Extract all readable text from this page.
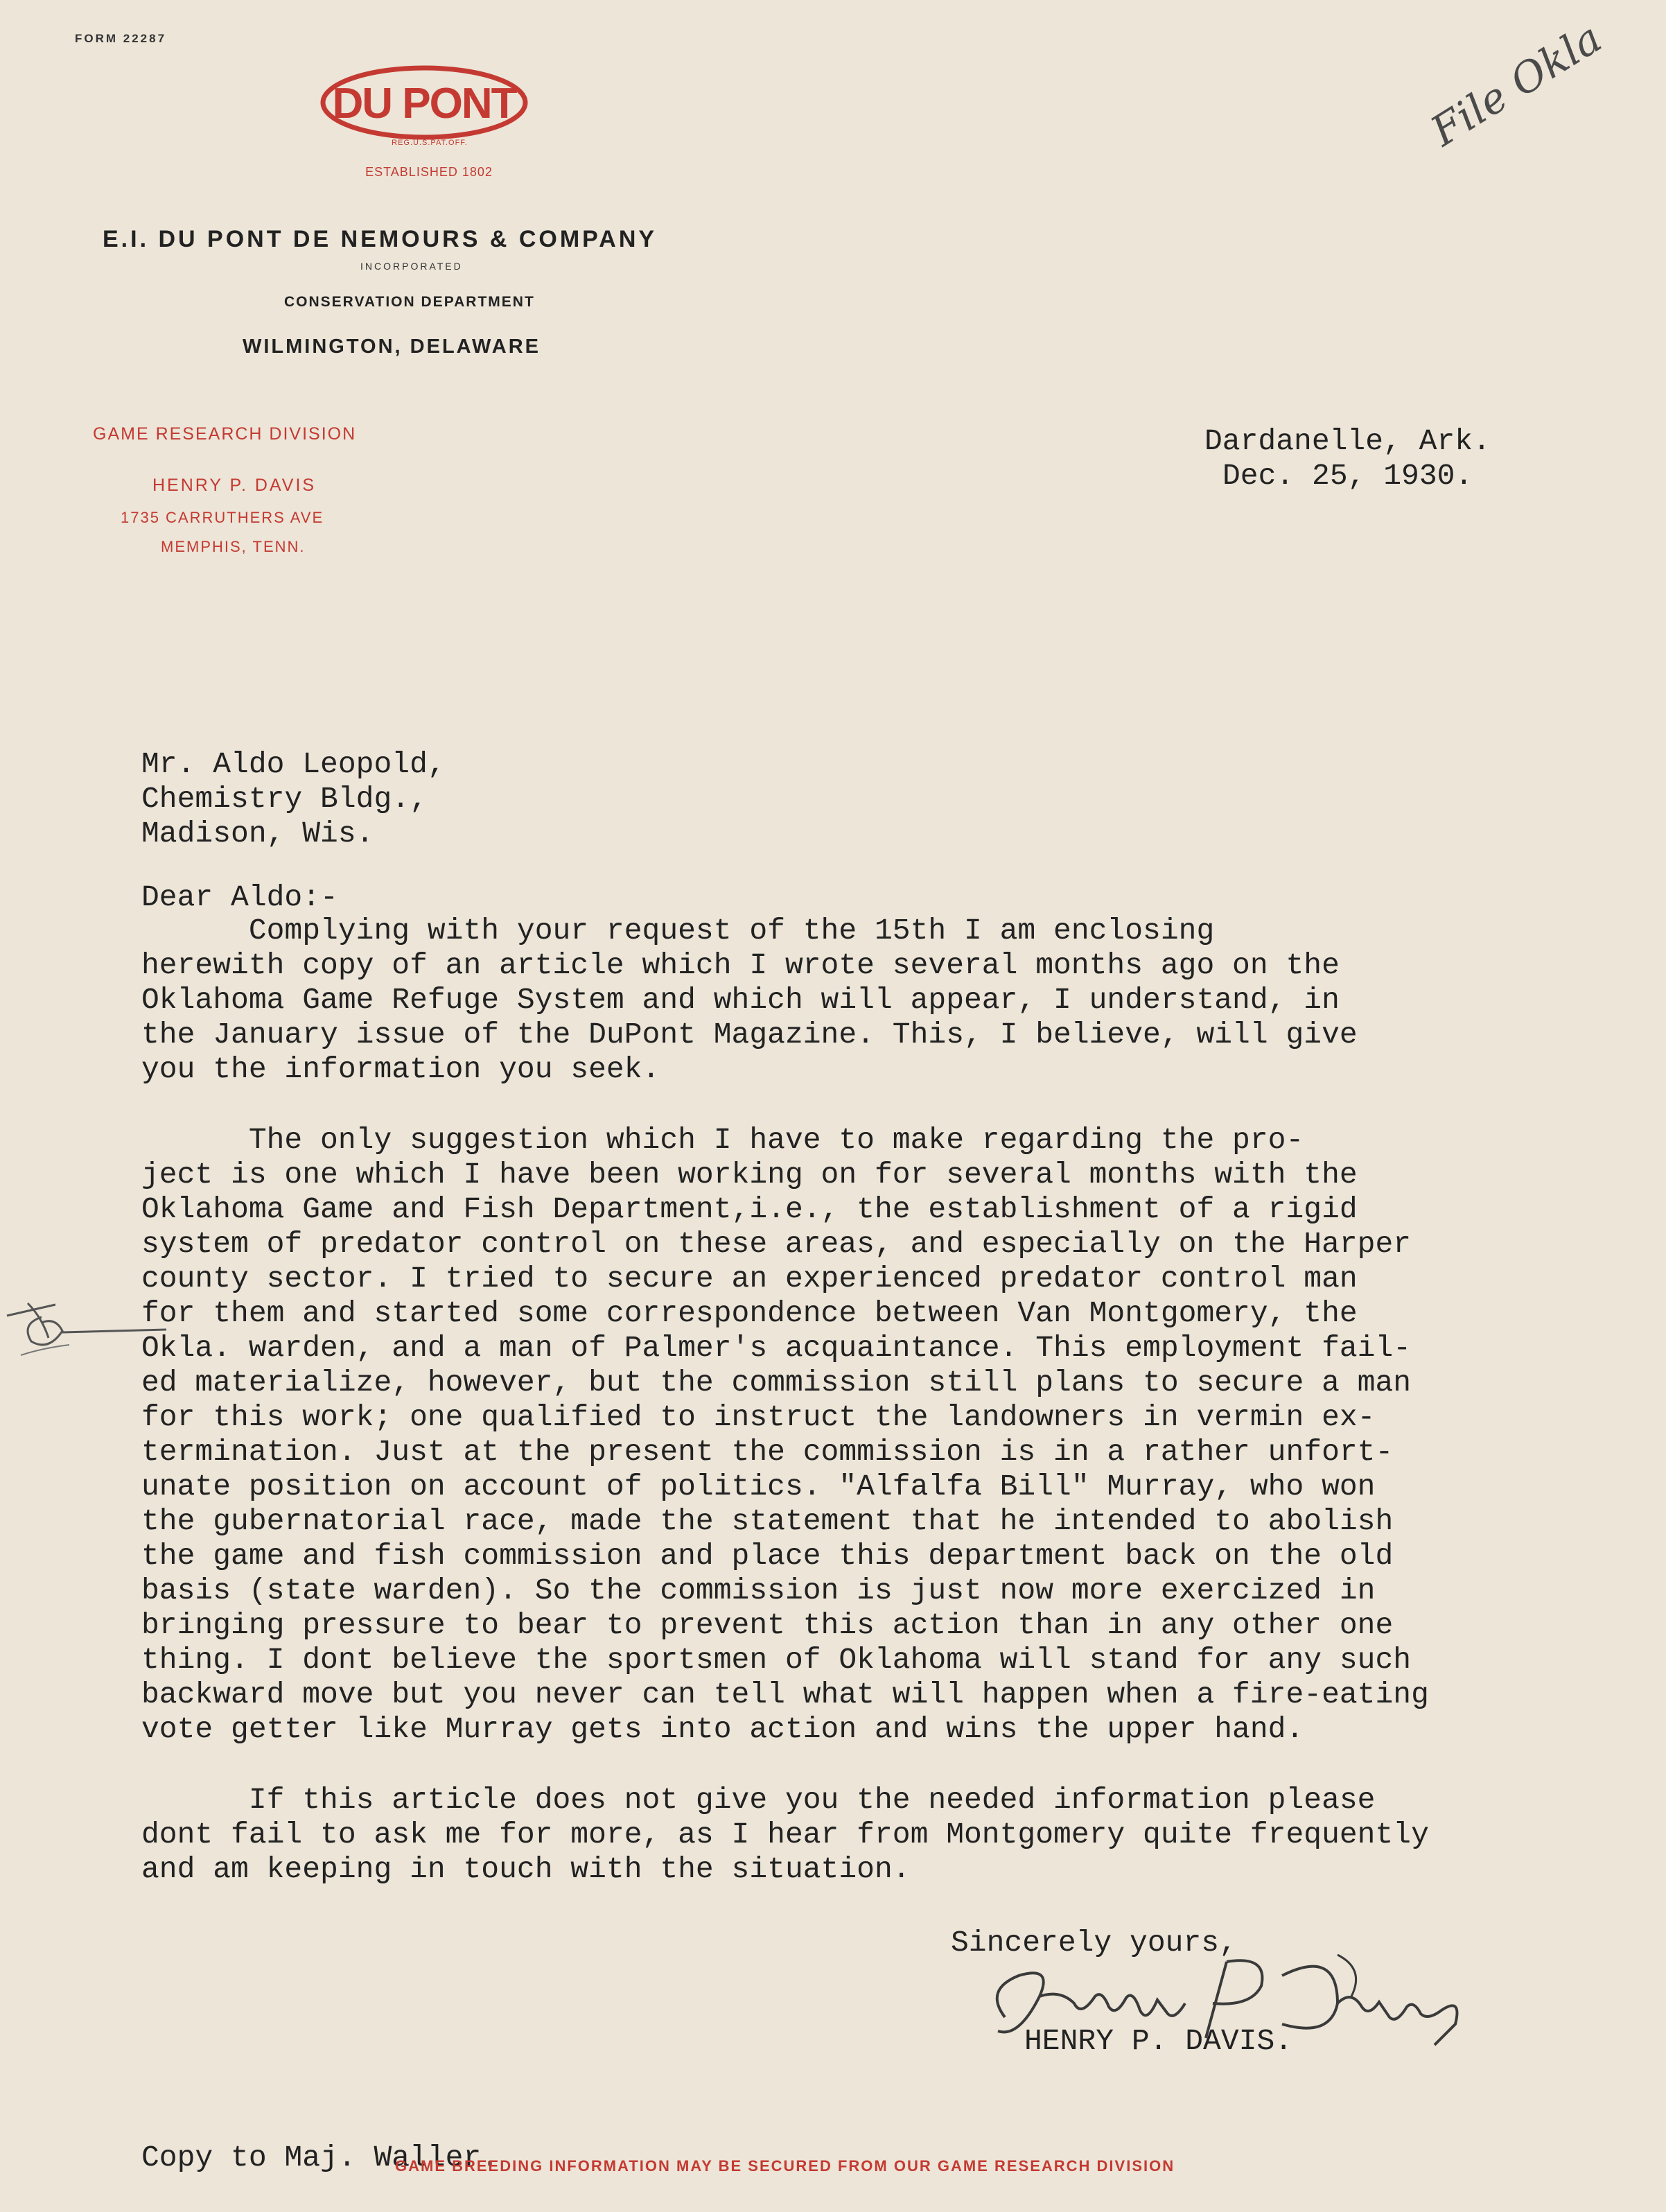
FORM 22287
DU PONT
REG.U.S.PAT.OFF.
ESTABLISHED 1802
E.I. DU PONT DE NEMOURS & COMPANY
INCORPORATED
CONSERVATION DEPARTMENT
WILMINGTON, DELAWARE
GAME RESEARCH DIVISION
HENRY P. DAVIS
1735 CARRUTHERS AVE
MEMPHIS, TENN.
File Okla
Dardanelle, Ark.
Dec. 25, 1930.
Mr. Aldo Leopold,
Chemistry Bldg.,
Madison, Wis.
Dear Aldo:-
Complying with your request of the 15th I am enclosing
herewith copy of an article which I wrote several months ago on the
Oklahoma Game Refuge System and which will appear, I understand, in
the January issue of the DuPont Magazine. This, I believe, will give
you the information you seek.
The only suggestion which I have to make regarding the pro-
ject is one which I have been working on for several months with the
Oklahoma Game and Fish Department,i.e., the establishment of a rigid
system of predator control on these areas, and especially on the Harper
county sector. I tried to secure an experienced predator control man
for them and started some correspondence between Van Montgomery, the
Okla. warden, and a man of Palmer's acquaintance. This employment fail-
ed materialize, however, but the commission still plans to secure a man
for this work; one qualified to instruct the landowners in vermin ex-
termination. Just at the present the commission is in a rather unfort-
unate position on account of politics. "Alfalfa Bill" Murray, who won
the gubernatorial race, made the statement that he intended to abolish
the game and fish commission and place this department back on the old
basis (state warden). So the commission is just now more exercized in
bringing pressure to bear to prevent this action than in any other one
thing. I dont believe the sportsmen of Oklahoma will stand for any such
backward move but you never can tell what will happen when a fire-eating
vote getter like Murray gets into action and wins the upper hand.
If this article does not give you the needed information please
dont fail to ask me for more, as I hear from Montgomery quite frequently
and am keeping in touch with the situation.
Sincerely yours,
HENRY P. DAVIS.
Copy to Maj. Waller.
GAME BREEDING INFORMATION MAY BE SECURED FROM OUR GAME RESEARCH DIVISION
